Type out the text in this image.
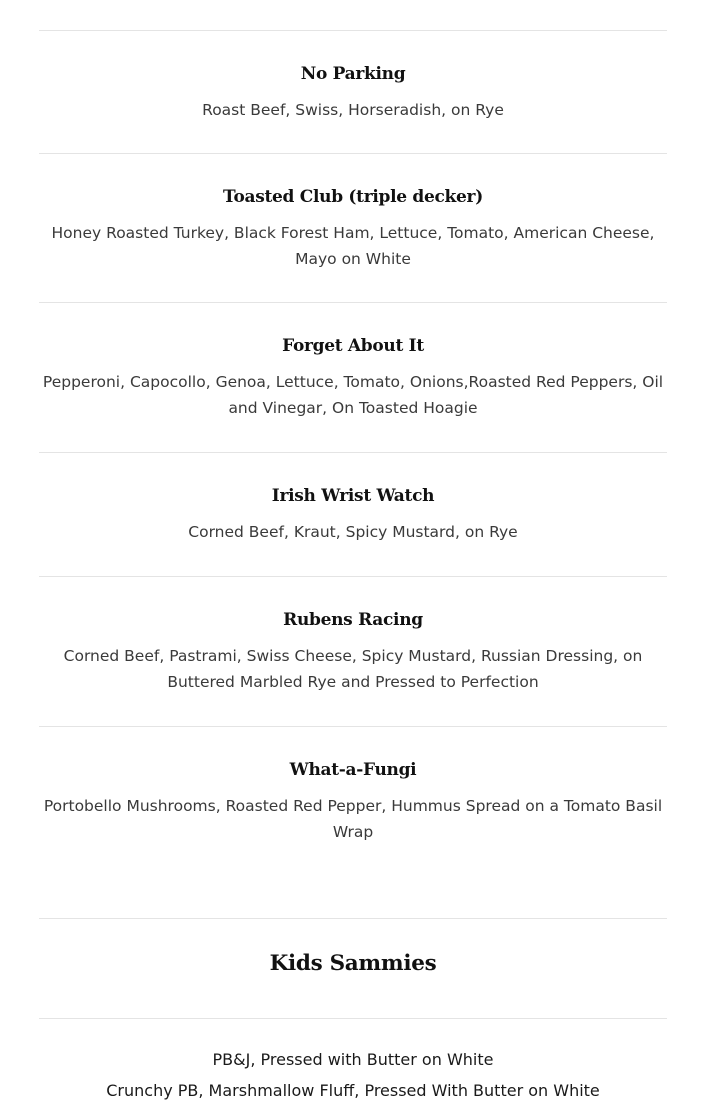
No Parking
Roast Beef, Swiss, Horseradish, on Rye
Toasted Club (triple decker)
Honey Roasted Turkey, Black Forest Ham, Lettuce, Tomato, American Cheese, Mayo on White
Forget About It
Pepperoni, Capocollo, Genoa, Lettuce, Tomato, Onions,Roasted Red Peppers, Oil and Vinegar, On Toasted Hoagie
Irish Wrist Watch
Corned Beef, Kraut, Spicy Mustard, on Rye
Rubens Racing
Corned Beef, Pastrami, Swiss Cheese, Spicy Mustard, Russian Dressing, on Buttered Marbled Rye and Pressed to Perfection
What-a-Fungi
Portobello Mushrooms, Roasted Red Pepper, Hummus Spread on a Tomato Basil Wrap
Kids Sammies
PB&J, Pressed with Butter on White
Crunchy PB, Marshmallow Fluff, Pressed With Butter on White
